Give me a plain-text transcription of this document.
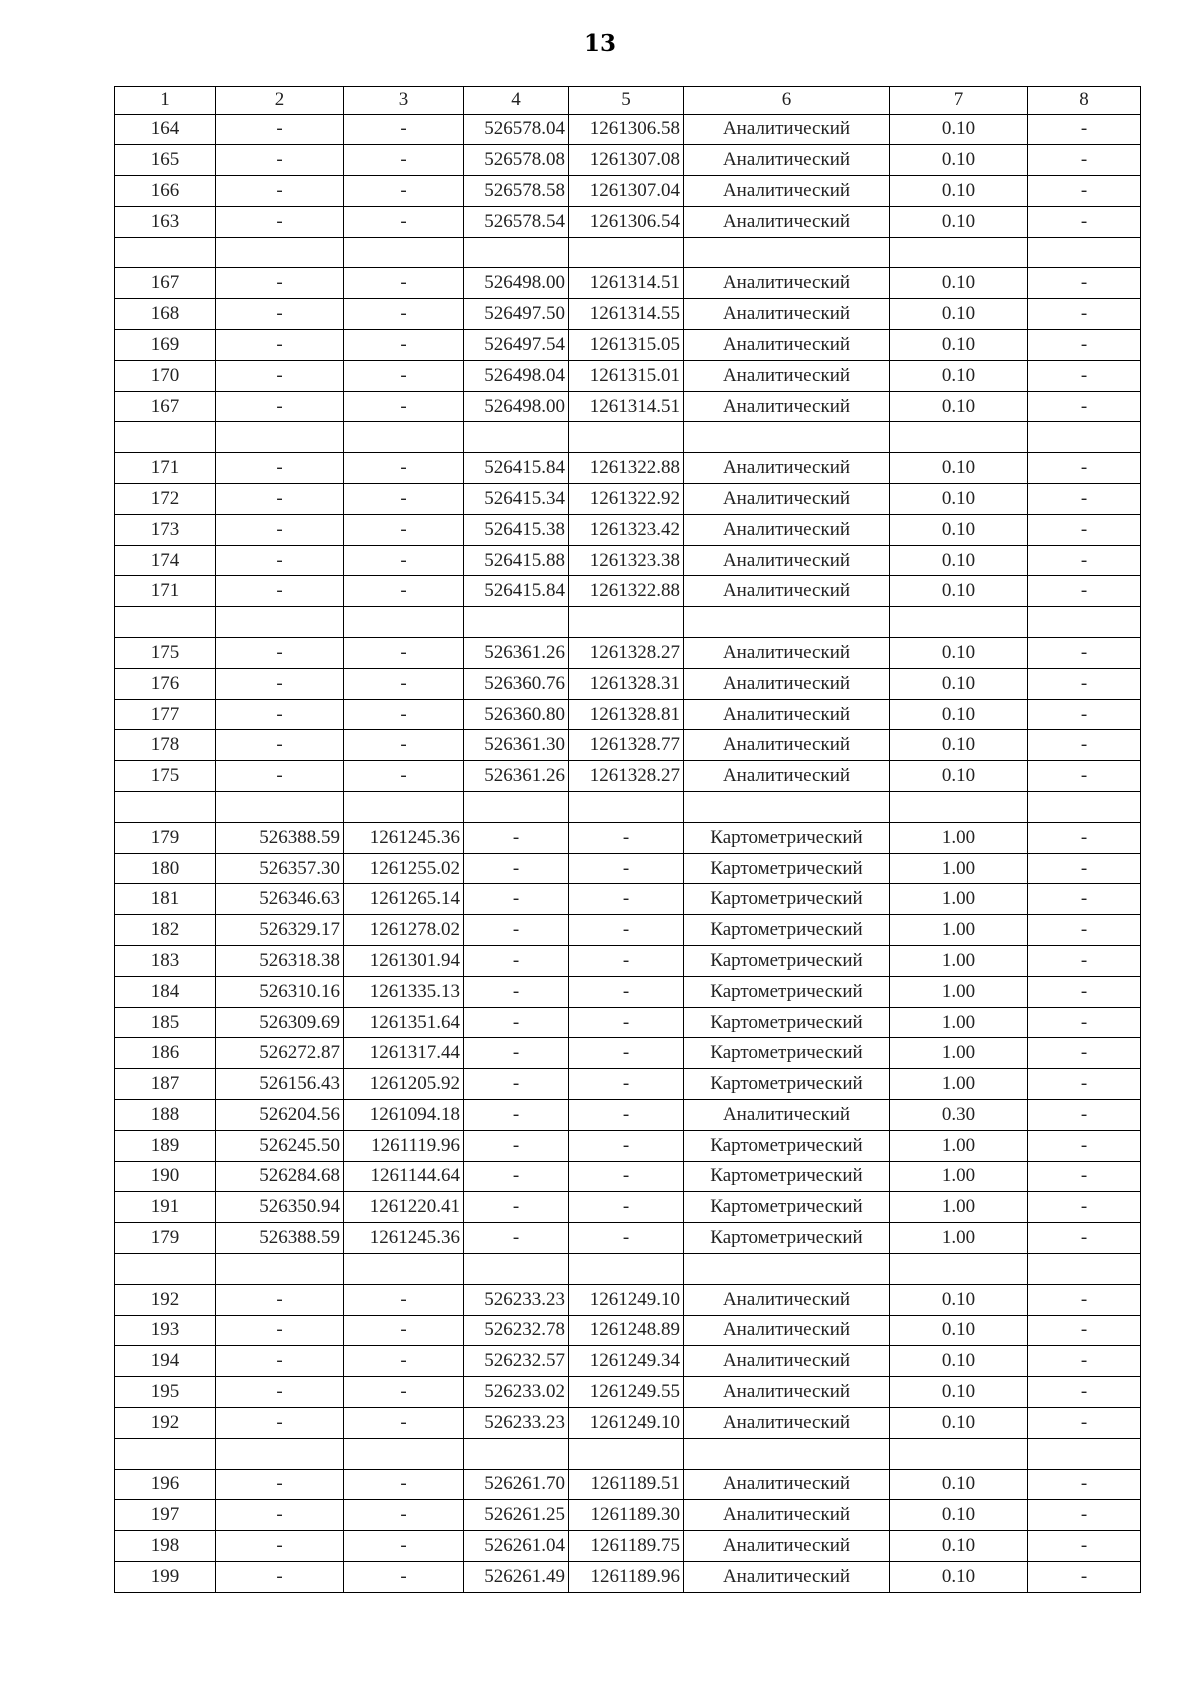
13
1	2	3	4	5	6	7	8
164	-	-	526578.04	1261306.58	Аналитический	0.10	-
165	-	-	526578.08	1261307.08	Аналитический	0.10	-
166	-	-	526578.58	1261307.04	Аналитический	0.10	-
163	-	-	526578.54	1261306.54	Аналитический	0.10	-

167	-	-	526498.00	1261314.51	Аналитический	0.10	-
168	-	-	526497.50	1261314.55	Аналитический	0.10	-
169	-	-	526497.54	1261315.05	Аналитический	0.10	-
170	-	-	526498.04	1261315.01	Аналитический	0.10	-
167	-	-	526498.00	1261314.51	Аналитический	0.10	-

171	-	-	526415.84	1261322.88	Аналитический	0.10	-
172	-	-	526415.34	1261322.92	Аналитический	0.10	-
173	-	-	526415.38	1261323.42	Аналитический	0.10	-
174	-	-	526415.88	1261323.38	Аналитический	0.10	-
171	-	-	526415.84	1261322.88	Аналитический	0.10	-

175	-	-	526361.26	1261328.27	Аналитический	0.10	-
176	-	-	526360.76	1261328.31	Аналитический	0.10	-
177	-	-	526360.80	1261328.81	Аналитический	0.10	-
178	-	-	526361.30	1261328.77	Аналитический	0.10	-
175	-	-	526361.26	1261328.27	Аналитический	0.10	-

179	526388.59	1261245.36	-	-	Картометрический	1.00	-
180	526357.30	1261255.02	-	-	Картометрический	1.00	-
181	526346.63	1261265.14	-	-	Картометрический	1.00	-
182	526329.17	1261278.02	-	-	Картометрический	1.00	-
183	526318.38	1261301.94	-	-	Картометрический	1.00	-
184	526310.16	1261335.13	-	-	Картометрический	1.00	-
185	526309.69	1261351.64	-	-	Картометрический	1.00	-
186	526272.87	1261317.44	-	-	Картометрический	1.00	-
187	526156.43	1261205.92	-	-	Картометрический	1.00	-
188	526204.56	1261094.18	-	-	Аналитический	0.30	-
189	526245.50	1261119.96	-	-	Картометрический	1.00	-
190	526284.68	1261144.64	-	-	Картометрический	1.00	-
191	526350.94	1261220.41	-	-	Картометрический	1.00	-
179	526388.59	1261245.36	-	-	Картометрический	1.00	-

192	-	-	526233.23	1261249.10	Аналитический	0.10	-
193	-	-	526232.78	1261248.89	Аналитический	0.10	-
194	-	-	526232.57	1261249.34	Аналитический	0.10	-
195	-	-	526233.02	1261249.55	Аналитический	0.10	-
192	-	-	526233.23	1261249.10	Аналитический	0.10	-

196	-	-	526261.70	1261189.51	Аналитический	0.10	-
197	-	-	526261.25	1261189.30	Аналитический	0.10	-
198	-	-	526261.04	1261189.75	Аналитический	0.10	-
199	-	-	526261.49	1261189.96	Аналитический	0.10	-
